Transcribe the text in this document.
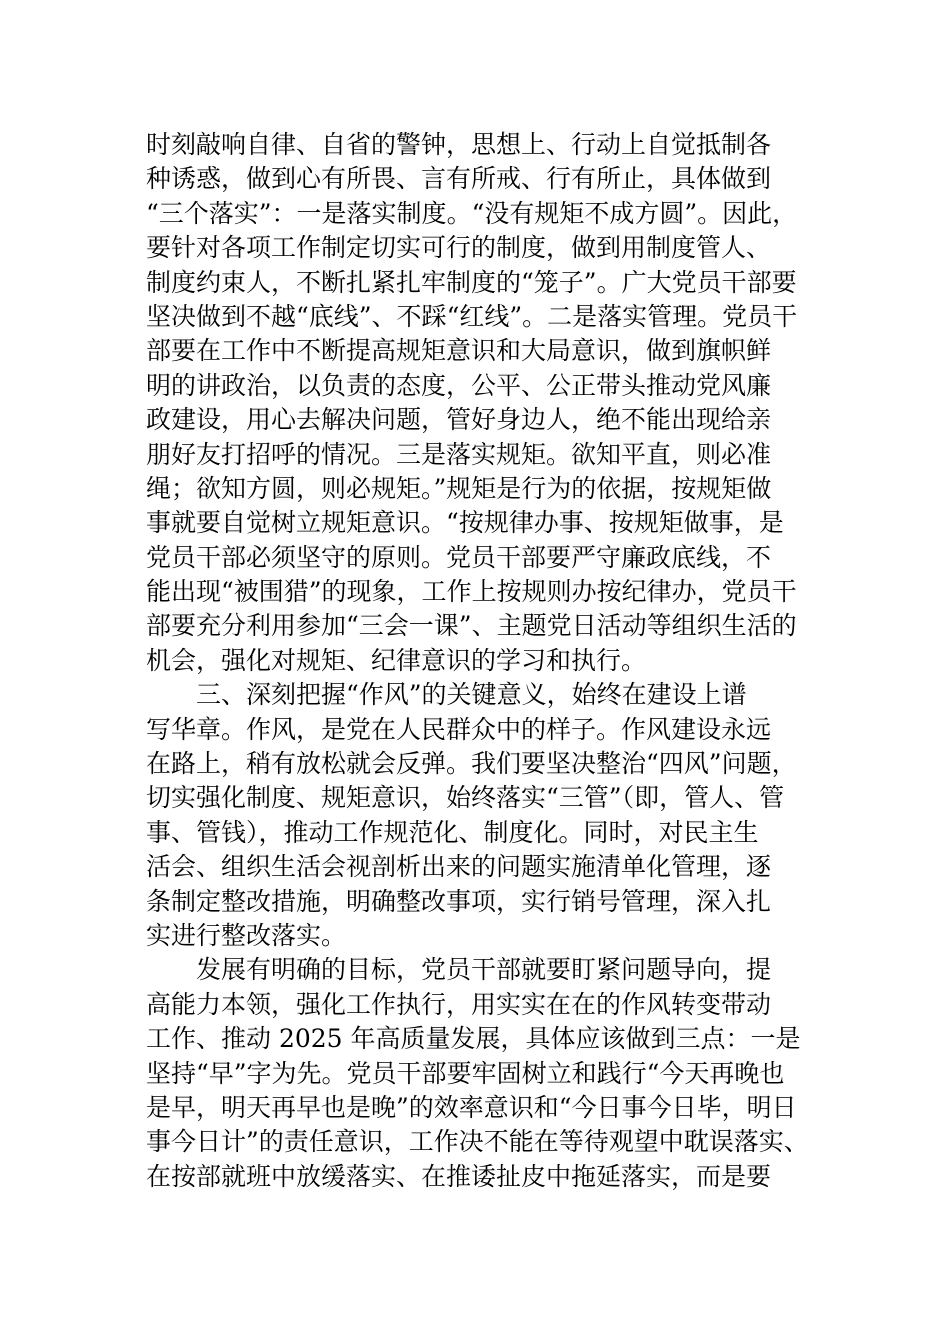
时刻敲响自律、自省的警钟，思想上、行动上自觉抵制各
种诱惑，做到心有所畏、言有所戒、行有所止，具体做到
“三个落实”：一是落实制度。“没有规矩不成方圆”。因此，
要针对各项工作制定切实可行的制度，做到用制度管人、
制度约束人，不断扎紧扎牢制度的“笼子”。广大党员干部要
坚决做到不越“底线”、不踩“红线”。二是落实管理。党员干
部要在工作中不断提高规矩意识和大局意识，做到旗帜鲜
明的讲政治，以负责的态度，公平、公正带头推动党风廉
政建设，用心去解决问题，管好身边人，绝不能出现给亲
朋好友打招呼的情况。三是落实规矩。欲知平直，则必准
绳；欲知方圆，则必规矩。”规矩是行为的依据，按规矩做
事就要自觉树立规矩意识。“按规律办事、按规矩做事，是
党员干部必须坚守的原则。党员干部要严守廉政底线，不
能出现“被围猎”的现象，工作上按规则办按纪律办，党员干
部要充分利用参加“三会一课”、主题党日活动等组织生活的
机会，强化对规矩、纪律意识的学习和执行。
三、深刻把握“作风”的关键意义，始终在建设上谱
写华章。作风，是党在人民群众中的样子。作风建设永远
在路上，稍有放松就会反弹。我们要坚决整治“四风”问题，
切实强化制度、规矩意识，始终落实“三管”（即，管人、管
事、管钱），推动工作规范化、制度化。同时，对民主生
活会、组织生活会视剖析出来的问题实施清单化管理，逐
条制定整改措施，明确整改事项，实行销号管理，深入扎
实进行整改落实。
发展有明确的目标，党员干部就要盯紧问题导向，提
高能力本领，强化工作执行，用实实在在的作风转变带动
工作、推动 2025 年高质量发展，具体应该做到三点：一是
坚持“早”字为先。党员干部要牢固树立和践行“今天再晚也
是早，明天再早也是晚”的效率意识和“今日事今日毕，明日
事今日计”的责任意识，工作决不能在等待观望中耽误落实、
在按部就班中放缓落实、在推诿扯皮中拖延落实，而是要
